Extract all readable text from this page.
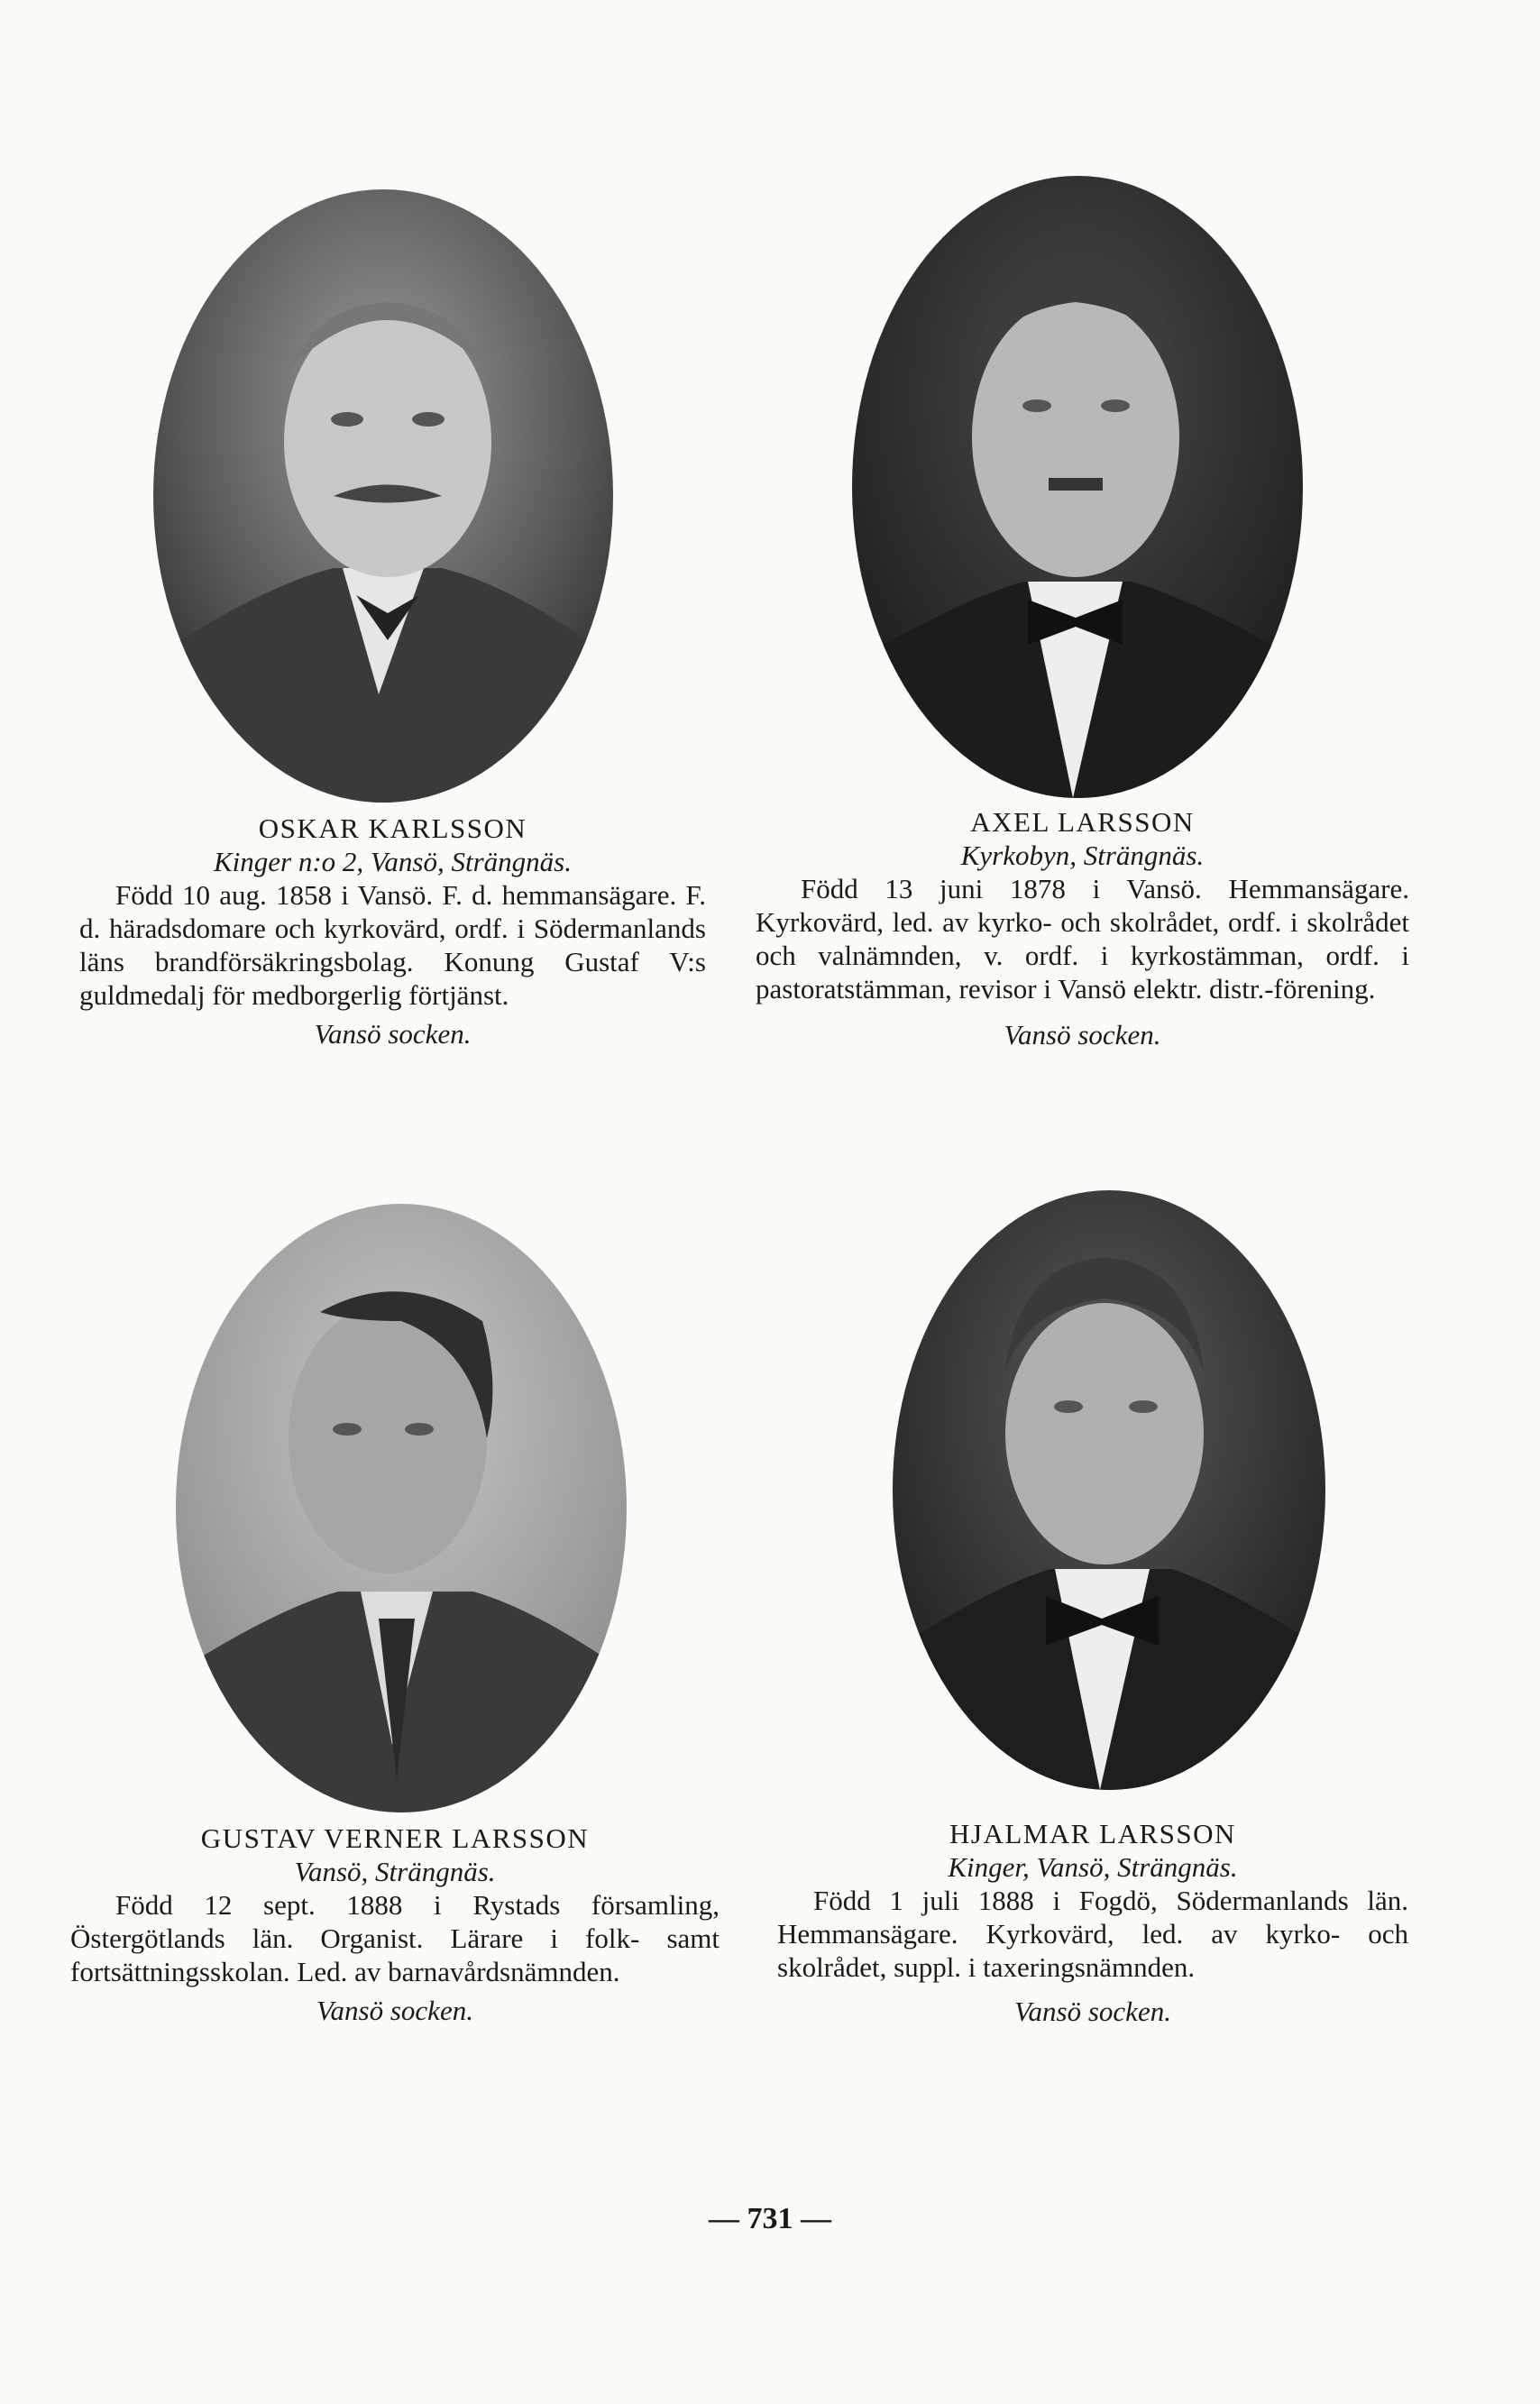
OSKAR KARLSSON
Kinger n:o 2, Vansö, Strängnäs.
Född 10 aug. 1858 i Vansö. F. d. hemmansägare. F. d. häradsdomare och kyrkovärd, ordf. i Södermanlands läns brandförsäkringsbolag. Konung Gustaf V:s guldmedalj för medborgerlig förtjänst.
Vansö socken.
AXEL LARSSON
Kyrkobyn, Strängnäs.
Född 13 juni 1878 i Vansö. Hemmansägare. Kyrkovärd, led. av kyrko- och skolrådet, ordf. i skolrådet och valnämnden, v. ordf. i kyrkostämman, ordf. i pastoratstämman, revisor i Vansö elektr. distr.-förening.
Vansö socken.
GUSTAV VERNER LARSSON
Vansö, Strängnäs.
Född 12 sept. 1888 i Rystads församling, Östergötlands län. Organist. Lärare i folk- samt fortsättningsskolan. Led. av barnavårdsnämnden.
Vansö socken.
HJALMAR LARSSON
Kinger, Vansö, Strängnäs.
Född 1 juli 1888 i Fogdö, Södermanlands län. Hemmansägare. Kyrkovärd, led. av kyrko- och skolrådet, suppl. i taxeringsnämnden.
Vansö socken.
— 731 —
